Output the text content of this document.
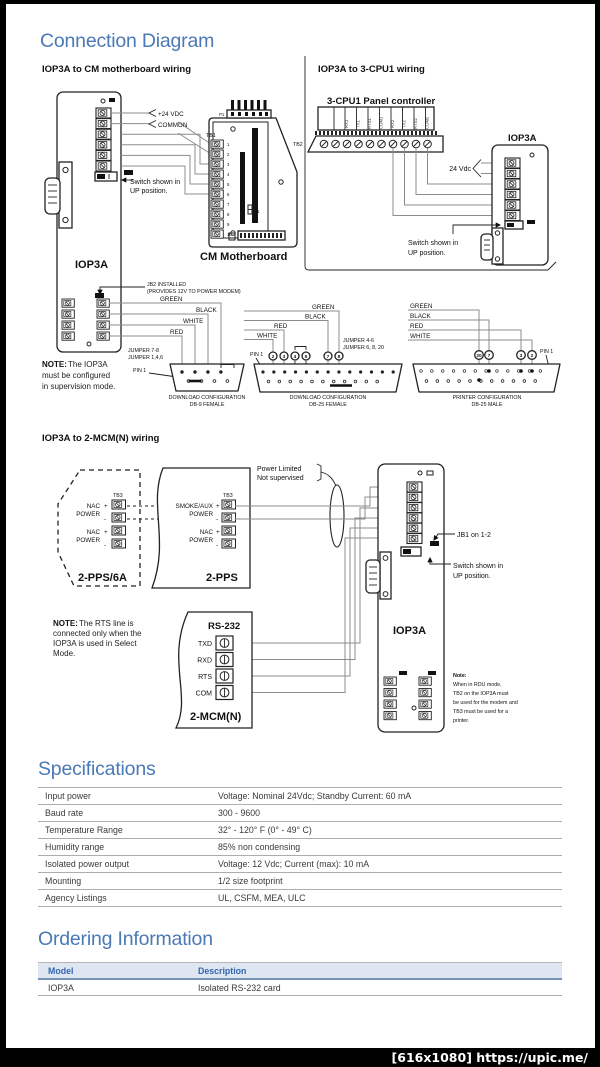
Connection Diagram
IOP3A to CM motherboard wiring
IOP3A
+24 VDC
COMMON
Switch shown in
UP position.
P1
TB1
1
2
3
4
5
6
7
8
9
10
J1
CM Motherboard
IOP3A to 3-CPU1 wiring
3-CPU1 Panel controller
RX1 TX1 RTS1 COM1 RX2 TX2 RTS2 COM2
TB2
24 Vdc
IOP3A
Switch shown in
UP position.
JB2 INSTALLED
(PROVIDES 12V TO POWER MODEM)
NOTE: The IOP3A
must be configured
in supervision mode.
GREEN
BLACK
WHITE
RED
JUMPER 7-8
JUMPER 1,4,6
PIN 1
DOWNLOAD CONFIGURATION
DB-9 FEMALE
GREEN
BLACK
RED
WHITE
JUMPER 4-6
JUMPER 6, 8, 20
2 3 4 5	7 8
PIN 1
DOWNLOAD CONFIGURATION
DB-25 FEMALE
GREEN
BLACK
RED
WHITE
20 7	3 2
PIN 1
PRINTER CONFIGURATION
DB-25 MALE
IOP3A to 2-MCM(N) wiring
TB3
NAC
POWER
+
-
NAC
POWER
+
-
2-PPS/6A
TB3
SMOKE/AUX
POWER
+
-
NAC
POWER
+
-
2-PPS
Power Limited
Not supervised
NOTE: The RTS line is
connected only when the
IOP3A is used in Select
Mode.
RS-232
TXD
RXD
RTS
COM
2-MCM(N)
IOP3A
JB1 on 1-2
Switch shown in
UP position.
Note:
When in RDU mode,
TB2 on the IOP3A must
be used for the modem and
TB3 must be used for a
printer.
Specifications
Input power	Voltage: Nominal 24Vdc; Standby Current: 60 mA
Baud rate	300 - 9600
Temperature Range	32° - 120° F (0° - 49° C)
Humidity range	85% non condensing
Isolated power output	Voltage: 12 Vdc; Current (max): 10 mA
Mounting	1/2 size footprint
Agency Listings	UL, CSFM, MEA, ULC
Ordering Information
Model	Description
IOP3A	Isolated RS-232 card
[616x1080] https://upic.me/
